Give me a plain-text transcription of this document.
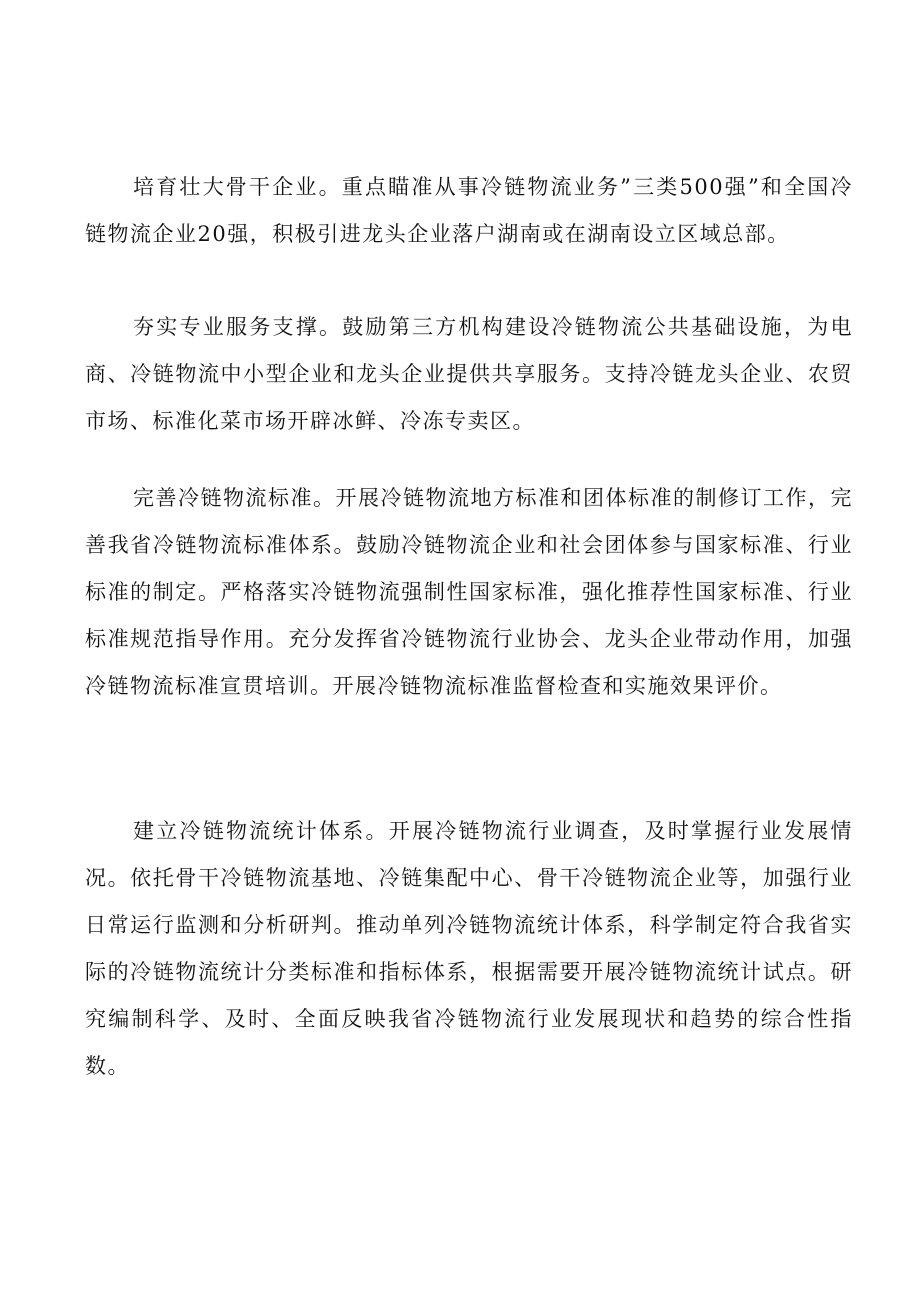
培育壮大骨干企业。重点瞄准从事冷链物流业务”三类500强”和全国冷链物流企业20强，积极引进龙头企业落户湖南或在湖南设立区域总部。

夯实专业服务支撑。鼓励第三方机构建设冷链物流公共基础设施，为电商、冷链物流中小型企业和龙头企业提供共享服务。支持冷链龙头企业、农贸市场、标准化菜市场开辟冰鲜、冷冻专卖区。

完善冷链物流标准。开展冷链物流地方标准和团体标准的制修订工作，完善我省冷链物流标准体系。鼓励冷链物流企业和社会团体参与国家标准、行业标准的制定。严格落实冷链物流强制性国家标准，强化推荐性国家标准、行业标准规范指导作用。充分发挥省冷链物流行业协会、龙头企业带动作用，加强冷链物流标准宣贯培训。开展冷链物流标准监督检查和实施效果评价。

建立冷链物流统计体系。开展冷链物流行业调查，及时掌握行业发展情况。依托骨干冷链物流基地、冷链集配中心、骨干冷链物流企业等，加强行业日常运行监测和分析研判。推动单列冷链物流统计体系，科学制定符合我省实际的冷链物流统计分类标准和指标体系，根据需要开展冷链物流统计试点。研究编制科学、及时、全面反映我省冷链物流行业发展现状和趋势的综合性指数。
